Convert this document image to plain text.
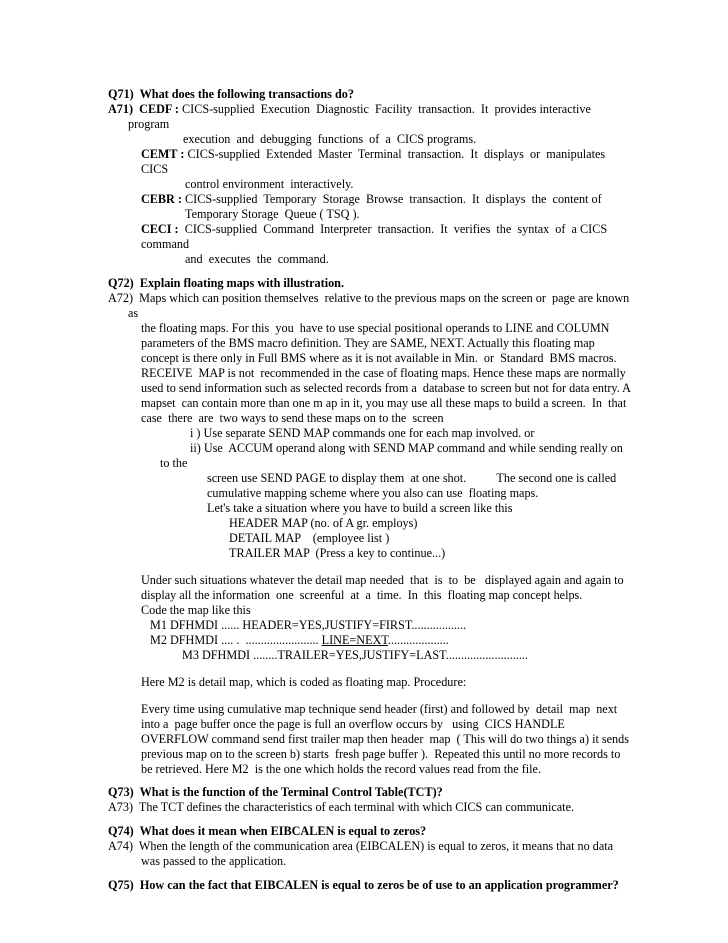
Q71)  What does the following transactions do?
A71)  CEDF : CICS-supplied  Execution  Diagnostic  Facility  transaction.  It  provides interactive
program
execution  and  debugging  functions  of  a  CICS programs.
CEMT : CICS-supplied  Extended  Master  Terminal  transaction.  It  displays  or  manipulates
CICS
control environment  interactively.
CEBR : CICS-supplied  Temporary  Storage  Browse  transaction.  It  displays  the  content of
Temporary Storage  Queue ( TSQ ).
CECI :  CICS-supplied  Command  Interpreter  transaction.  It  verifies  the  syntax  of  a CICS
command
and  executes  the  command.
Q72)  Explain floating maps with illustration.
A72)  Maps which can position themselves  relative to the previous maps on the screen or  page are known
as
the floating maps. For this  you  have to use special positional operands to LINE and COLUMN
parameters of the BMS macro definition. They are SAME, NEXT. Actually this floating map
concept is there only in Full BMS where as it is not available in Min.  or  Standard  BMS macros.
RECEIVE  MAP is not  recommended in the case of floating maps. Hence these maps are normally
used to send information such as selected records from a  database to screen but not for data entry. A
mapset  can contain more than one m ap in it, you may use all these maps to build a screen.  In  that
case  there  are  two ways to send these maps on to the  screen
i ) Use separate SEND MAP commands one for each map involved. or
ii) Use  ACCUM operand along with SEND MAP command and while sending really on
to the
screen use SEND PAGE to display them  at one shot.          The second one is called
cumulative mapping scheme where you also can use  floating maps.
Let's take a situation where you have to build a screen like this
HEADER MAP (no. of A gr. employs)
DETAIL MAP    (employee list )
TRAILER MAP  (Press a key to continue...)
Under such situations whatever the detail map needed  that  is  to  be   displayed again and again to
display all the information  one  screenful  at  a  time.  In  this  floating map concept helps.
Code the map like this
M1 DFHMDI ...... HEADER=YES,JUSTIFY=FIRST..................
M2 DFHMDI .... .  ........................ LINE=NEXT....................
M3 DFHMDI ........TRAILER=YES,JUSTIFY=LAST...........................
Here M2 is detail map, which is coded as floating map. Procedure:
Every time using cumulative map technique send header (first) and followed by  detail  map  next
into a  page buffer once the page is full an overflow occurs by   using  CICS HANDLE
OVERFLOW command send first trailer map then header  map  ( This will do two things a) it sends
previous map on to the screen b) starts  fresh page buffer ).  Repeated this until no more records to
be retrieved. Here M2  is the one which holds the record values read from the file.
Q73)  What is the function of the Terminal Control Table(TCT)?
A73)  The TCT defines the characteristics of each terminal with which CICS can communicate.
Q74)  What does it mean when EIBCALEN is equal to zeros?
A74)  When the length of the communication area (EIBCALEN) is equal to zeros, it means that no data
was passed to the application.
Q75)  How can the fact that EIBCALEN is equal to zeros be of use to an application programmer?
